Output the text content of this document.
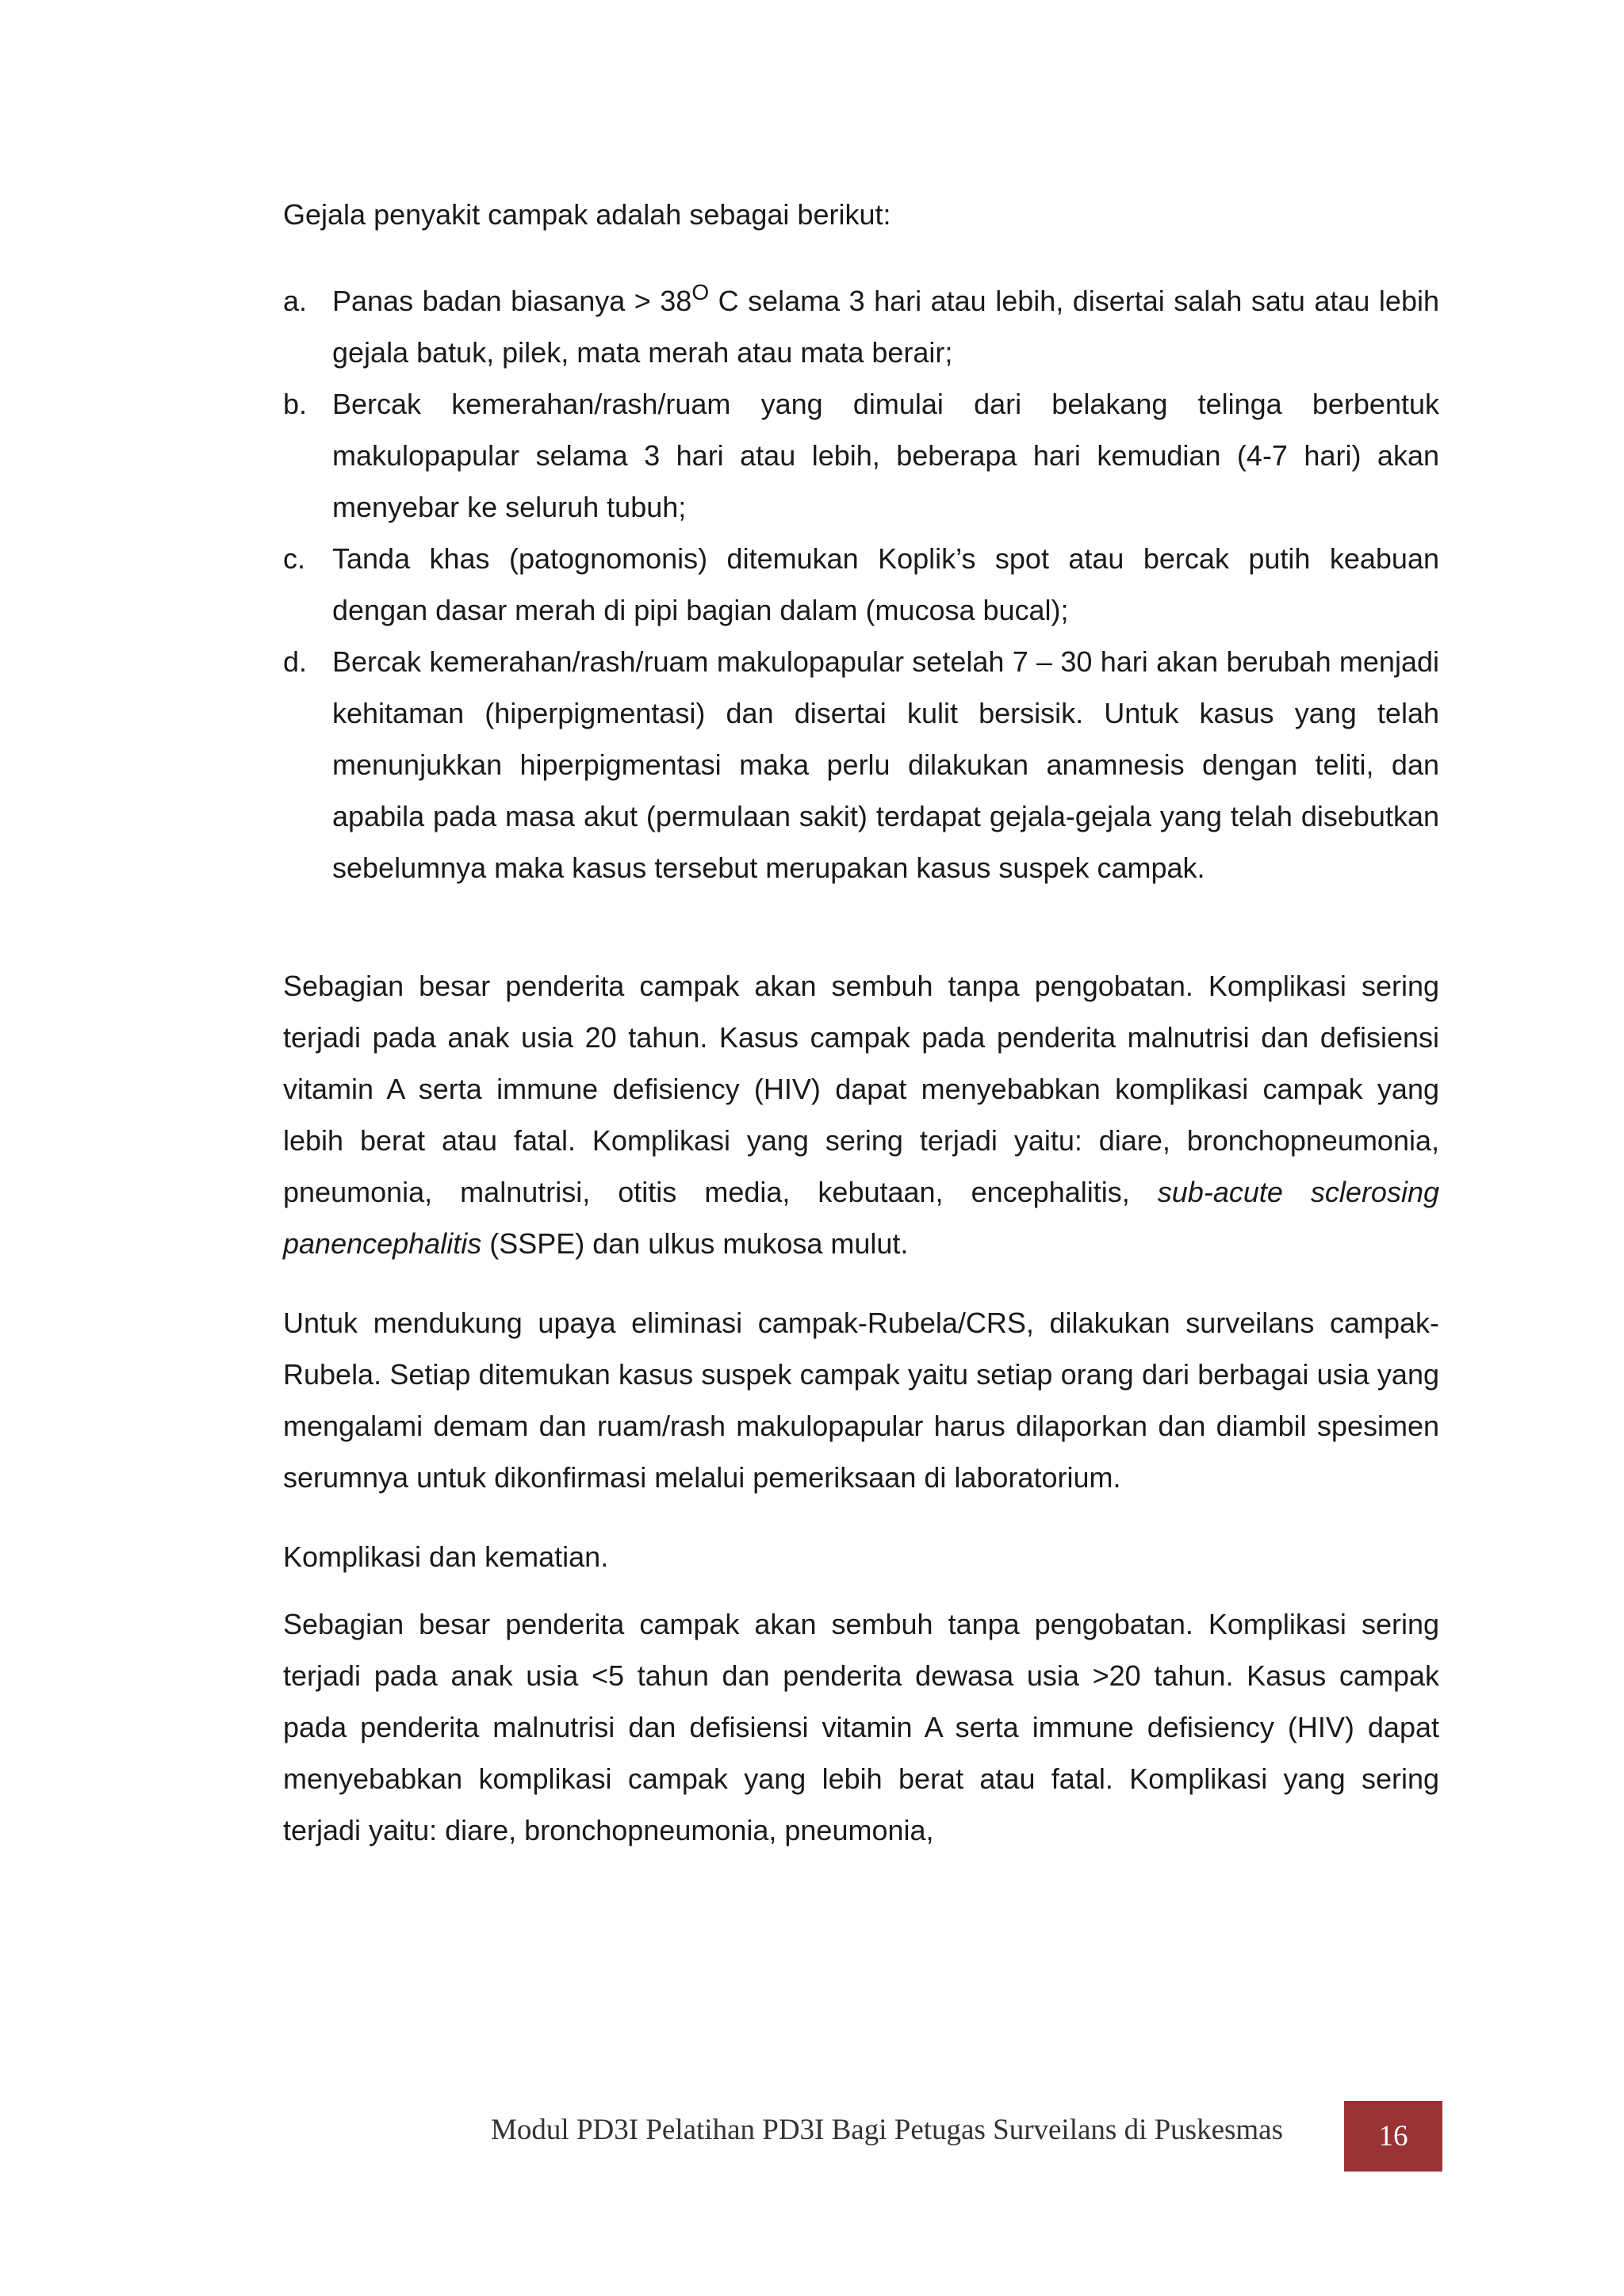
Gejala penyakit campak adalah sebagai berikut:

a. Panas badan biasanya > $38^O$ C selama 3 hari atau lebih, disertai salah satu atau lebih gejala batuk, pilek, mata merah atau mata berair;
b. Bercak kemerahan/rash/ruam yang dimulai dari belakang telinga berbentuk makulopapular selama 3 hari atau lebih, beberapa hari kemudian (4-7 hari) akan menyebar ke seluruh tubuh;
c. Tanda khas (patognomonis) ditemukan Koplik’s spot atau bercak putih keabuan dengan dasar merah di pipi bagian dalam (mucosa bucal);
d. Bercak kemerahan/rash/ruam makulopapular setelah 7 – 30 hari akan berubah menjadi kehitaman (hiperpigmentasi) dan disertai kulit bersisik. Untuk kasus yang telah menunjukkan hiperpigmentasi maka perlu dilakukan anamnesis dengan teliti, dan apabila pada masa akut (permulaan sakit) terdapat gejala-gejala yang telah disebutkan sebelumnya maka kasus tersebut merupakan kasus suspek campak.

Sebagian besar penderita campak akan sembuh tanpa pengobatan. Komplikasi sering terjadi pada anak usia 20 tahun. Kasus campak pada penderita malnutrisi dan defisiensi vitamin A serta immune defisiency (HIV) dapat menyebabkan komplikasi campak yang lebih berat atau fatal. Komplikasi yang sering terjadi yaitu: diare, bronchopneumonia, pneumonia, malnutrisi, otitis media, kebutaan, encephalitis, sub-acute sclerosing panencephalitis (SSPE) dan ulkus mukosa mulut.

Untuk mendukung upaya eliminasi campak-Rubela/CRS, dilakukan surveilans campak-Rubela. Setiap ditemukan kasus suspek campak yaitu setiap orang dari berbagai usia yang mengalami demam dan ruam/rash makulopapular harus dilaporkan dan diambil spesimen serumnya untuk dikonfirmasi melalui pemeriksaan di laboratorium.

Komplikasi dan kematian.

Sebagian besar penderita campak akan sembuh tanpa pengobatan. Komplikasi sering terjadi pada anak usia <5 tahun dan penderita dewasa usia >20 tahun. Kasus campak pada penderita malnutrisi dan defisiensi vitamin A serta immune defisiency (HIV) dapat menyebabkan komplikasi campak yang lebih berat atau fatal. Komplikasi yang sering terjadi yaitu: diare, bronchopneumonia, pneumonia,

Modul PD3I Pelatihan PD3I Bagi Petugas Surveilans di Puskesmas	16
